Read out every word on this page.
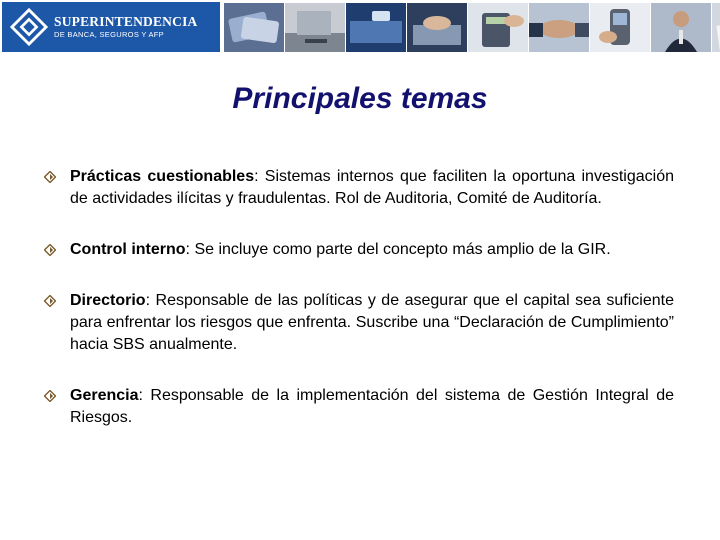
SUPERINTENDENCIA
DE BANCA, SEGUROS Y AFP
Principales temas
Prácticas cuestionables: Sistemas internos que faciliten la oportuna investigación de actividades ilícitas y fraudulentas. Rol de Auditoria, Comité de Auditoría.
Control interno: Se incluye como parte del concepto más amplio de la GIR.
Directorio: Responsable de las políticas y de asegurar que el capital sea suficiente para enfrentar los riesgos que enfrenta. Suscribe una “Declaración de Cumplimiento” hacia SBS anualmente.
Gerencia: Responsable de la implementación del sistema de Gestión Integral de Riesgos.
